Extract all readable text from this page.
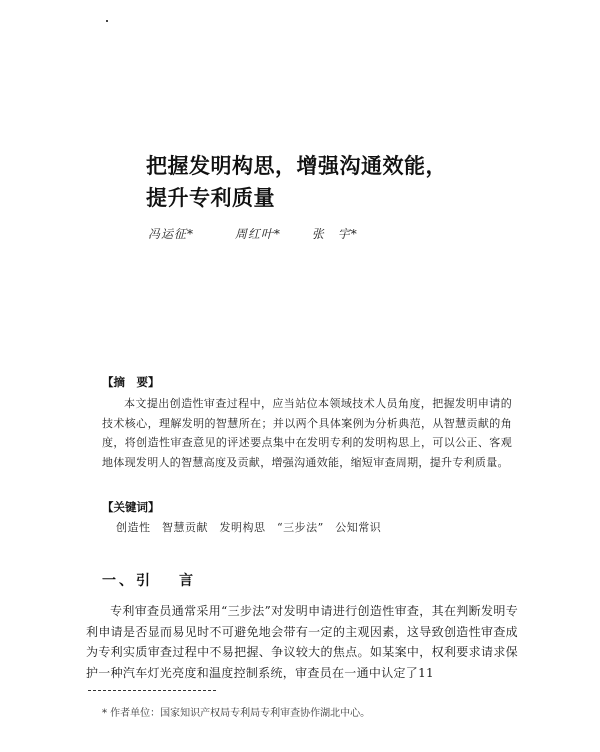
把握发明构思，增强沟通效能，
提升专利质量
冯运征*	周红叶*	张　宇*
【摘　要】
本文提出创造性审查过程中，应当站位本领域技术人员角度，把握发明申请的技术核心，理解发明的智慧所在；并以两个具体案例为分析典范，从智慧贡献的角度，将创造性审查意见的评述要点集中在发明专利的发明构思上，可以公正、客观地体现发明人的智慧高度及贡献，增强沟通效能，缩短审查周期，提升专利质量。
【关键词】
创造性　智慧贡献　发明构思　“三步法”　公知常识
一、引 言
专利审查员通常采用“三步法”对发明申请进行创造性审查，其在判断发明专利申请是否显而易见时不可避免地会带有一定的主观因素，这导致创造性审查成为专利实质审查过程中不易把握、争议较大的焦点。如某案中，权利要求请求保护一种汽车灯光亮度和温度控制系统，审查员在一通中认定了11
* 作者单位：国家知识产权局专利局专利审查协作湖北中心。
